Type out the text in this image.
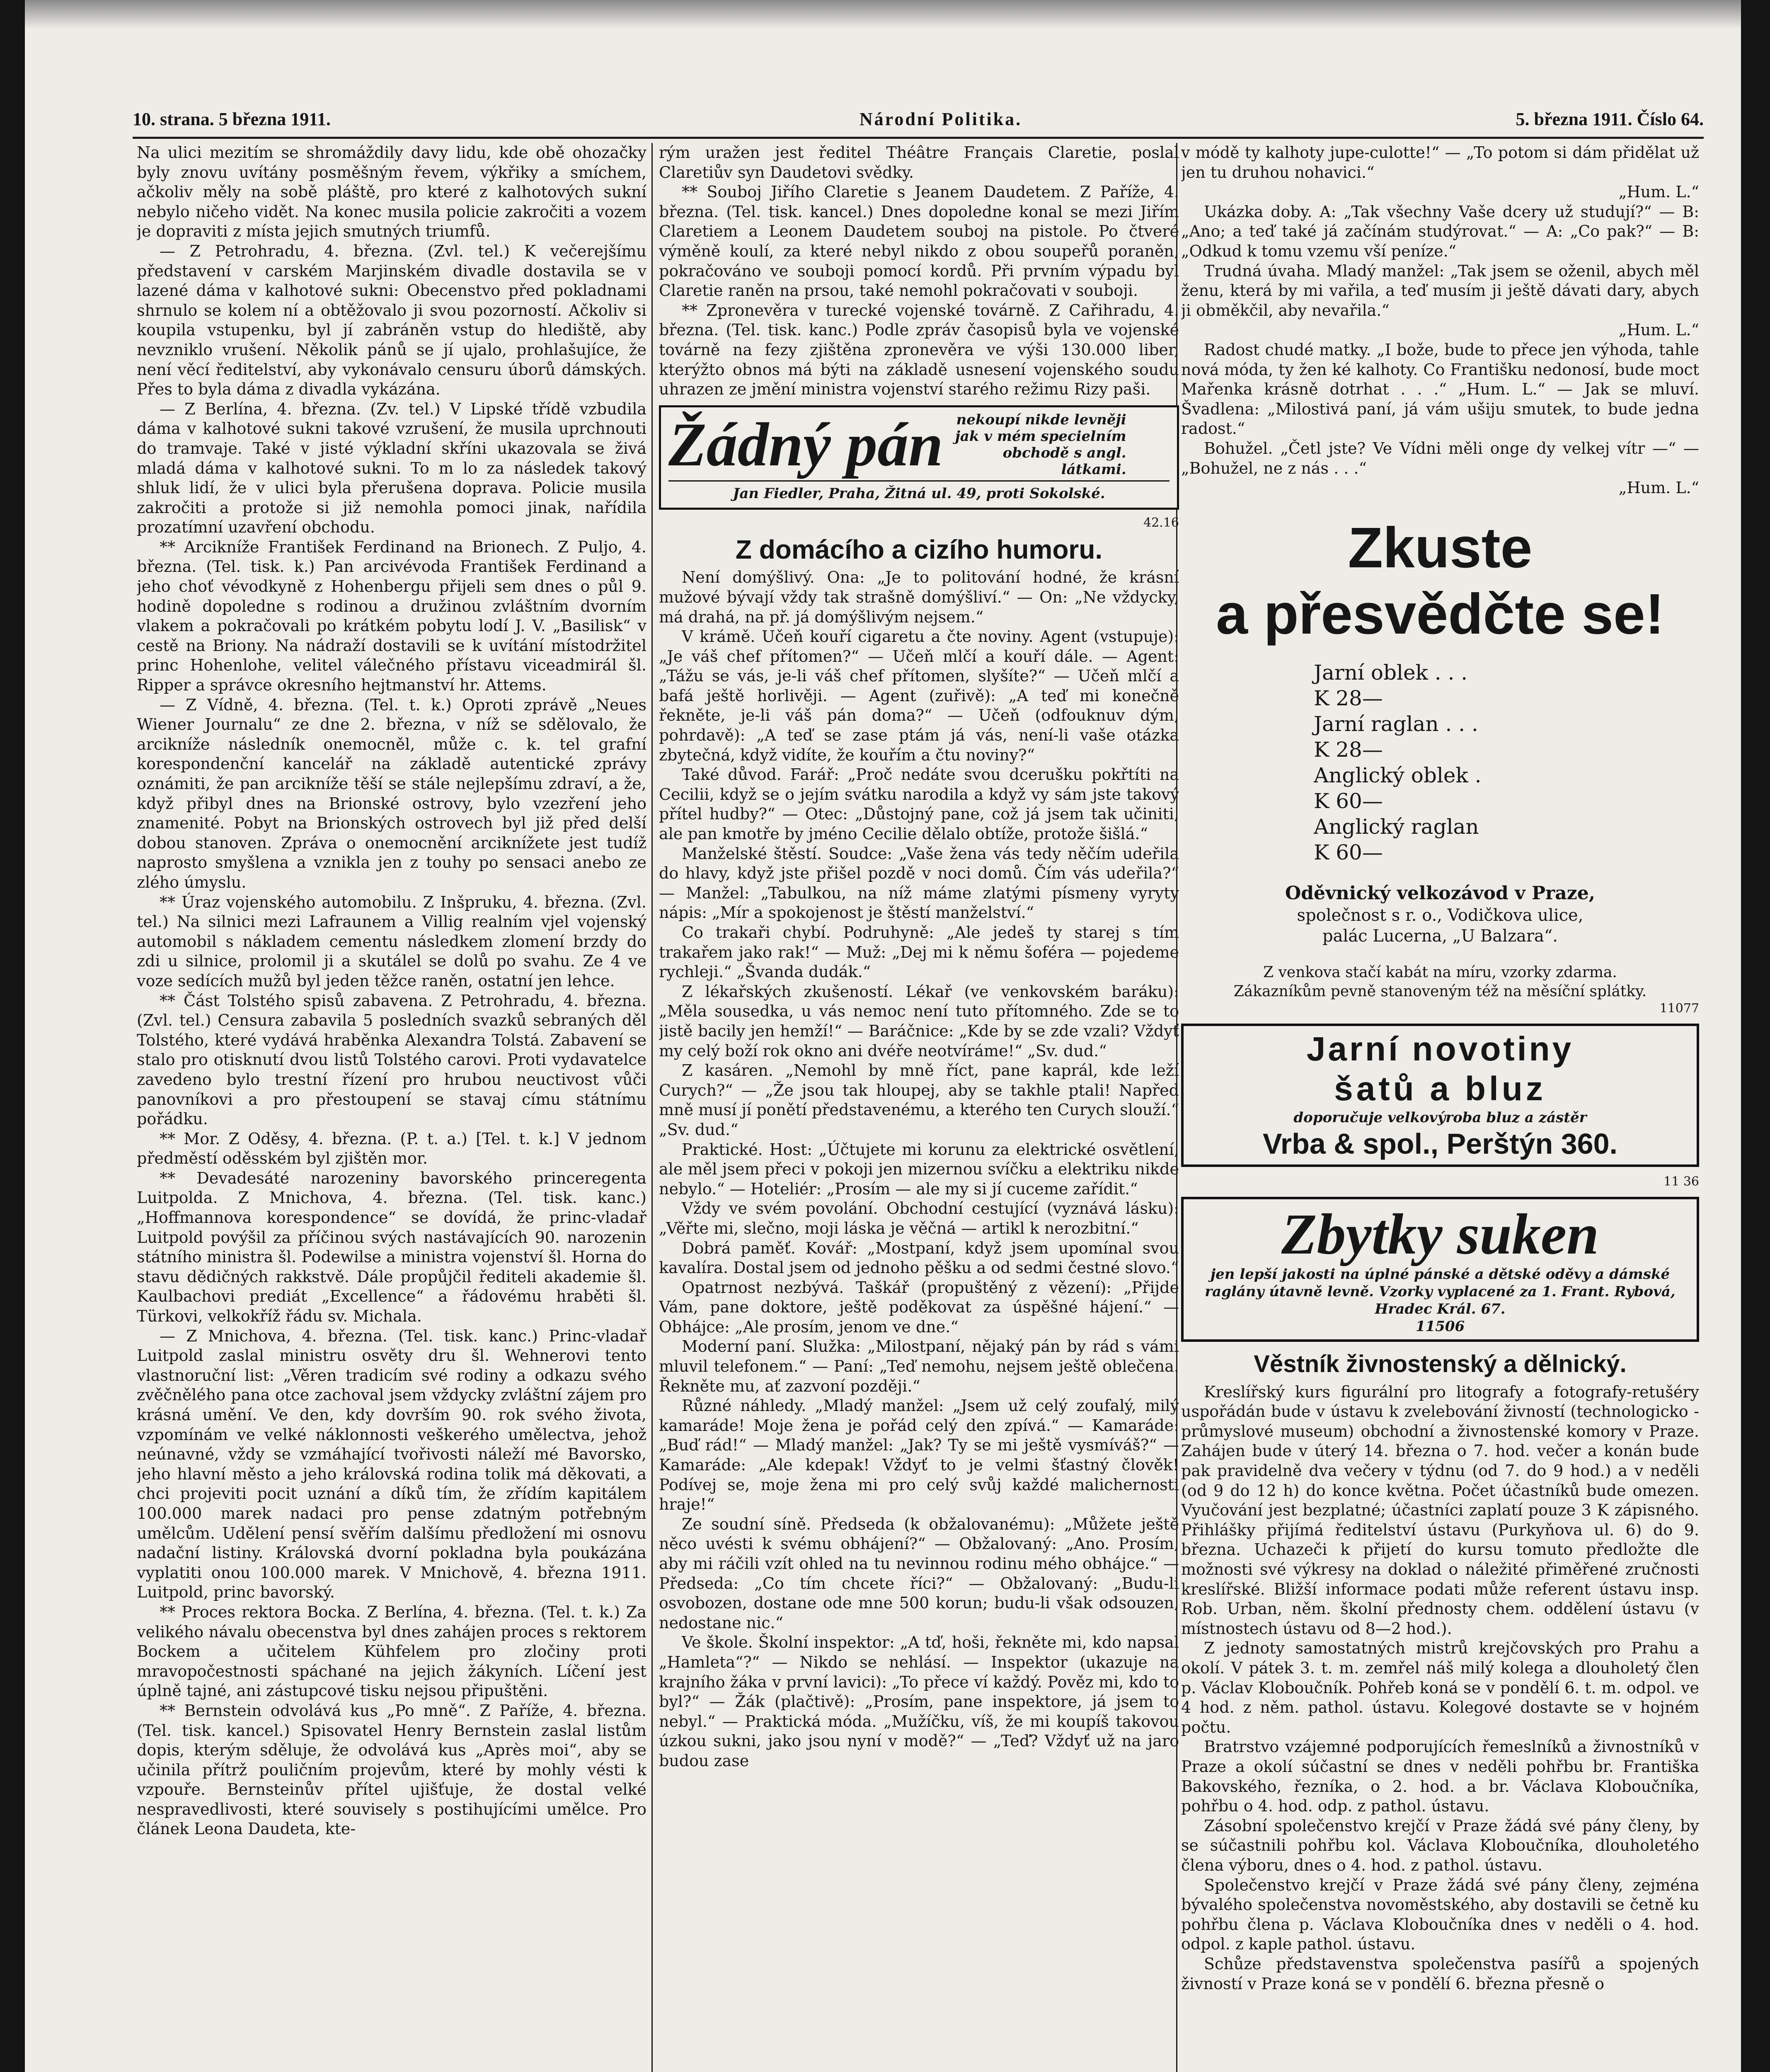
10. strana. 5 března 1911.	Národní Politika.	5. března 1911. Číslo 64.

Na ulici mezitím se shromáždily davy lidu, kde obě ohozačky byly znovu uvítány posměšným řevem, výkřiky a smíchem, ačkoliv měly na sobě pláště, pro které z kalhotových sukní nebylo ničeho vidět. Na konec musila policie zakročiti a vozem je dopraviti z místa jejich smutných triumfů.

— Z Petrohradu, 4. března. (Zvl. tel.) K večerejšímu představení v carském Marjinském divadle dostavila se v lazené dáma v kalhotové sukni: Obecenstvo před pokladnami shrnulo se kolem ní a obtěžovalo ji svou pozorností. Ačkoliv si koupila vstupenku, byl jí zabráněn vstup do hlediště, aby nevzniklo vrušení. Několik pánů se jí ujalo, prohlašujíce, že není věcí ředitelství, aby vykonávalo censuru úborů dámských. Přes to byla dáma z divadla vykázána.

— Z Berlína, 4. března. (Zv. tel.) V Lipské třídě vzbudila dáma v kalhotové sukni takové vzrušení, že musila uprchnouti do tramvaje. Také v jisté výkladní skříni ukazovala se živá mladá dáma v kalhotové sukni. To m lo za následek takový shluk lidí, že v ulici byla přerušena doprava. Policie musila zakročiti a protože si již nemohla pomoci jinak, nařídila prozatímní uzavření obchodu.

** Arcikníže František Ferdinand na Brionech. Z Puljo, 4. března. (Tel. tisk. k.) Pan arcivévoda František Ferdinand a jeho choť vévodkyně z Hohenbergu přijeli sem dnes o půl 9. hodině dopoledne s rodinou a družinou zvláštním dvorním vlakem a pokračovali po krátkém pobytu lodí J. V. „Basilisk“ v cestě na Briony. Na nádraží dostavili se k uvítání místodržitel princ Hohenlohe, velitel válečného přístavu viceadmirál šl. Ripper a správce okresního hejtmanství hr. Attems.

— Z Vídně, 4. března. (Tel. t. k.) Oproti zprávě „Neues Wiener Journalu“ ze dne 2. března, v níž se sdělovalo, že arcikníže následník onemocněl, může c. k. tel grafní korespondenční kancelář na základě autentické zprávy oznámiti, že pan arcikníže těší se stále nejlepšímu zdraví, a že, když přibyl dnes na Brionské ostrovy, bylo vzezření jeho znamenité. Pobyt na Brionských ostrovech byl již před delší dobou stanoven. Zpráva o onemocnění arciknížete jest tudíž naprosto smyšlena a vznikla jen z touhy po sensaci anebo ze zlého úmyslu.

** Úraz vojenského automobilu. Z Inšpruku, 4. března. (Zvl. tel.) Na silnici mezi Lafraunem a Villig realním vjel vojenský automobil s nákladem cementu následkem zlomení brzdy do zdi u silnice, prolomil ji a skutálel se dolů po svahu. Ze 4 ve voze sedících mužů byl jeden těžce raněn, ostatní jen lehce.

** Část Tolstého spisů zabavena. Z Petrohradu, 4. března. (Zvl. tel.) Censura zabavila 5 posledních svazků sebraných děl Tolstého, které vydává hraběnka Alexandra Tolstá. Zabavení se stalo pro otisknutí dvou listů Tolstého carovi. Proti vydavatelce zavedeno bylo trestní řízení pro hrubou neuctivost vůči panovníkovi a pro přestoupení se stavaj címu státnímu pořádku.

** Mor. Z Oděsy, 4. března. (P. t. a.) [Tel. t. k.] V jednom předměstí oděsském byl zjištěn mor.

** Devadesáté narozeniny bavorského princeregenta Luitpolda. Z Mnichova, 4. března. (Tel. tisk. kanc.) „Hoffmannova korespondence“ se dovídá, že princ-vladař Luitpold povýšil za příčinou svých nastávajících 90. narozenin státního ministra šl. Podewilse a ministra vojenství šl. Horna do stavu dědičných rakkstvě. Dále propůjčil řediteli akademie šl. Kaulbachovi prediát „Excellence“ a řádovému hraběti šl. Türkovi, velkokříž řádu sv. Michala.

— Z Mnichova, 4. března. (Tel. tisk. kanc.) Princ-vladař Luitpold zaslal ministru osvěty dru šl. Wehnerovi tento vlastnoruční list: „Věren tradicím své rodiny a odkazu svého zvěčnělého pana otce zachoval jsem vždycky zvláštní zájem pro krásná umění. Ve den, kdy dovrším 90. rok svého života, vzpomínám ve velké náklonnosti veškerého umělectva, jehož neúnavné, vždy se vzmáhající tvořivosti náleží mé Bavorsko, jeho hlavní město a jeho královská rodina tolik má děkovati, a chci projeviti pocit uznání a díků tím, že zřídím kapitálem 100.000 marek nadaci pro pense zdatným potřebným umělcům. Udělení pensí svěřím dalšímu předložení mi osnovu nadační listiny. Královská dvorní pokladna byla poukázána vyplatiti onou 100.000 marek. V Mnichově, 4. března 1911. Luitpold, princ bavorský.

** Proces rektora Bocka. Z Berlína, 4. března. (Tel. t. k.) Za velikého návalu obecenstva byl dnes zahájen proces s rektorem Bockem a učitelem Kühfelem pro zločiny proti mravopočestnosti spáchané na jejich žákyních. Líčení jest úplně tajné, ani zástupcové tisku nejsou připuštěni.

** Bernstein odvolává kus „Po mně“. Z Paříže, 4. března. (Tel. tisk. kancel.) Spisovatel Henry Bernstein zaslal listům dopis, kterým sděluje, že odvolává kus „Après moi“, aby se učinila přítrž pouličním projevům, které by mohly vésti k vzpouře. Bernsteinův přítel ujišťuje, že dostal velké nespravedlivosti, které souvisely s postihujícími umělce. Pro článek Leona Daudeta, kte-

rým uražen jest ředitel Théâtre Français Claretie, poslal Claretiův syn Daudetovi svědky.

** Souboj Jiřího Claretie s Jeanem Daudetem. Z Paříže, 4. března. (Tel. tisk. kancel.) Dnes dopoledne konal se mezi Jiřím Claretiem a Leonem Daudetem souboj na pistole. Po čtveré výměně koulí, za které nebyl nikdo z obou soupeřů poraněn, pokračováno ve souboji pomocí kordů. Při prvním výpadu byl Claretie raněn na prsou, také nemohl pokračovati v souboji.

** Zpronevěra v turecké vojenské továrně. Z Cařihradu, 4. března. (Tel. tisk. kanc.) Podle zpráv časopisů byla ve vojenské továrně na fezy zjištěna zpronevěra ve výši 130.000 liber, kterýžto obnos má býti na základě usnesení vojenského soudu uhrazen ze jmění ministra vojenství starého režimu Rizy paši.

Žádný pán nekoupí nikde levněji jak v mém specielním obchodě s angl. látkami.
Jan Fiedler, Praha, Žitná ul. 49, proti Sokolské.
42.16
Z domácího a cizího humoru.

Není domýšlivý. Ona: „Je to politování hodné, že krásní mužové bývají vždy tak strašně domýšliví.“ — On: „Ne vždycky, má drahá, na př. já domýšlivým nejsem.“

V krámě. Učeň kouří cigaretu a čte noviny. Agent (vstupuje): „Je váš chef přítomen?“ — Učeň mlčí a kouří dále. — Agent: „Tážu se vás, je-li váš chef přítomen, slyšíte?“ — Učeň mlčí a bafá ještě horlivěji. — Agent (zuřivě): „A teď mi konečně řekněte, je-li váš pán doma?“ — Učeň (odfouknuv dým, pohrdavě): „A teď se zase ptám já vás, není-li vaše otázka zbytečná, když vidíte, že kouřím a čtu noviny?“

Také důvod. Farář: „Proč nedáte svou dcerušku pokřtíti na Cecilii, když se o jejím svátku narodila a když vy sám jste takový přítel hudby?“ — Otec: „Důstojný pane, což já jsem tak učiniti, ale pan kmotře by jméno Cecilie dělalo obtíže, protože šišlá.“

Manželské štěstí. Soudce: „Vaše žena vás tedy něčím udeřila do hlavy, když jste přišel pozdě v noci domů. Čím vás udeřila?“ — Manžel: „Tabulkou, na níž máme zlatými písmeny vyryty nápis: „Mír a spokojenost je štěstí manželství.“

Co trakaři chybí. Podruhyně: „Ale jedeš ty starej s tím trakařem jako rak!“ — Muž: „Dej mi k němu šoféra — pojedeme rychleji.“ „Švanda dudák.“

Z lékařských zkušeností. Lékař (ve venkovském baráku): „Měla sousedka, u vás nemoc není tuto přítomného. Zde se to jistě bacily jen hemží!“ — Baráčnice: „Kde by se zde vzali? Vždyť my celý boží rok okno ani dvéře neotvíráme!“ „Sv. dud.“

Z kasáren. „Nemohl by mně říct, pane kaprál, kde leží Curych?“ — „Že jsou tak hloupej, aby se takhle ptali! Napřed mně musí jí ponětí představenému, a kterého ten Curych slouží.“ „Sv. dud.“

Praktické. Host: „Účtujete mi korunu za elektrické osvětlení, ale měl jsem přeci v pokoji jen mizernou svíčku a elektriku nikde nebylo.“ — Hoteliér: „Prosím — ale my si jí cuceme zařídit.“

Vždy ve svém povolání. Obchodní cestující (vyznává lásku): „Věřte mi, slečno, moji láska je věčná — artikl k nerozbitní.“

Dobrá paměť. Kovář: „Mostpaní, když jsem upomínal svou kavalíra. Dostal jsem od jednoho pěšku a od sedmi čestné slovo.“

Opatrnost nezbývá. Taškář (propuštěný z vězení): „Přijde Vám, pane doktore, ještě poděkovat za úspěšné hájení.“ — Obhájce: „Ale prosím, jenom ve dne.“

Moderní paní. Služka: „Milostpaní, nějaký pán by rád s vámi mluvil telefonem.“ — Paní: „Teď nemohu, nejsem ještě oblečena. Řekněte mu, ať zazvoní později.“

Různé náhledy. „Mladý manžel: „Jsem už celý zoufalý, milý kamaráde! Moje žena je pořád celý den zpívá.“ — Kamaráde: „Buď rád!“ — Mladý manžel: „Jak? Ty se mi ještě vysmíváš?“ — Kamaráde: „Ale kdepak! Vždyť to je velmi šťastný člověk! Podívej se, moje žena mi pro celý svůj každé malichernosti hraje!“

Ze soudní síně. Předseda (k obžalovanému): „Můžete ještě něco uvésti k svému obhájení?“ — Obžalovaný: „Ano. Prosím, aby mi ráčili vzít ohled na tu nevinnou rodinu mého obhájce.“ — Předseda: „Co tím chcete říci?“ — Obžalovaný: „Budu-li osvobozen, dostane ode mne 500 korun; budu-li však odsouzen, nedostane nic.“

Ve škole. Školní inspektor: „A tď, hoši, řekněte mi, kdo napsal „Hamleta“?“ — Nikdo se nehlásí. — Inspektor (ukazuje na krajního žáka v první lavici): „To přece ví každý. Pověz mi, kdo to byl?“ — Žák (plačtivě): „Prosím, pane inspektore, já jsem to nebyl.“ — Praktická móda. „Mužíčku, víš, že mi koupíš takovou úzkou sukni, jako jsou nyní v modě?“ — „Teď? Vždyť už na jaro budou zase

v módě ty kalhoty jupe-culotte!“ — „To potom si dám přidělat už jen tu druhou nohavici.“

„Hum. L.“

Ukázka doby. A: „Tak všechny Vaše dcery už studují?“ — B: „Ano; a teď také já začínám studýrovat.“ — A: „Co pak?“ — B: „Odkud k tomu vzemu vší peníze.“

Trudná úvaha. Mladý manžel: „Tak jsem se oženil, abych měl ženu, která by mi vařila, a teď musím ji ještě dávati dary, abych ji obměkčil, aby nevařila.“

„Hum. L.“

Radost chudé matky. „I bože, bude to přece jen výhoda, tahle nová móda, ty žen ké kalhoty. Co Františku nedonosí, bude moct Mařenka krásně dotrhat . . .“ „Hum. L.“ — Jak se mluví. Švadlena: „Milostivá paní, já vám ušiju smutek, to bude jedna radost.“

Bohužel. „Četl jste? Ve Vídni měli onge dy velkej vítr —“ — „Bohužel, ne z nás . . .“

„Hum. L.“

Zkuste
a přesvědčte se!
Jarní oblek . . .K 28—
Jarní raglan . . .K 28—
Anglický oblek .K 60—
Anglický raglanK 60—
Oděvnický velkozávod v Praze,
společnost s r. o., Vodičkova ulice,
palác Lucerna, „U Balzara“.
Z venkova stačí kabát na míru, vzorky zdarma.
Zákazníkům pevně stanoveným též na měsíční splátky.
11077
Jarní novotiny
šatů a bluz
doporučuje velkovýroba bluz a zástěr
Vrba & spol., Perštýn 360.
11 36
Zbytky suken
jen lepší jakosti na úplné pánské a dětské oděvy a dámské raglány útavně levně. Vzorky vyplacené za 1. Frant. Rybová, Hradec Král. 67.
11506
Věstník živnostenský a dělnický.

Kreslířský kurs figurální pro litografy a fotografy-retušéry uspořádán bude v ústavu k zvelebování živností (technologicko - průmyslové museum) obchodní a živnostenské komory v Praze. Zahájen bude v úterý 14. března o 7. hod. večer a konán bude pak pravidelně dva večery v týdnu (od 7. do 9 hod.) a v neděli (od 9 do 12 h) do konce května. Počet účastníků bude omezen. Vyučování jest bezplatné; účastníci zaplatí pouze 3 K zápisného. Přihlášky přijímá ředitelství ústavu (Purkyňova ul. 6) do 9. března. Uchazeči k přijetí do kursu tomuto předložte dle možnosti své výkresy na doklad o náležité přiměřené zručnosti kreslířské. Bližší informace podati může referent ústavu insp. Rob. Urban, něm. školní přednosty chem. oddělení ústavu (v místnostech ústavu od 8—2 hod.).

Z jednoty samostatných mistrů krejčovských pro Prahu a okolí. V pátek 3. t. m. zemřel náš milý kolega a dlouholetý člen p. Václav Kloboučník. Pohřeb koná se v pondělí 6. t. m. odpol. ve 4 hod. z něm. pathol. ústavu. Kolegové dostavte se v hojném počtu.

Bratrstvo vzájemné podporujících řemeslníků a živnostníků v Praze a okolí súčastní se dnes v neděli pohřbu br. Františka Bakovského, řezníka, o 2. hod. a br. Václava Kloboučníka, pohřbu o 4. hod. odp. z pathol. ústavu.

Zásobní společenstvo krejčí v Praze žádá své pány členy, by se súčastnili pohřbu kol. Václava Kloboučníka, dlouholetého člena výboru, dnes o 4. hod. z pathol. ústavu.

Společenstvo krejčí v Praze žádá své pány členy, zejména bývalého společenstva novoměstského, aby dostavili se četně ku pohřbu člena p. Václava Kloboučníka dnes v neděli o 4. hod. odpol. z kaple pathol. ústavu.

Schůze představenstva společenstva pasířů a spojených živností v Praze koná se v pondělí 6. března přesně o
